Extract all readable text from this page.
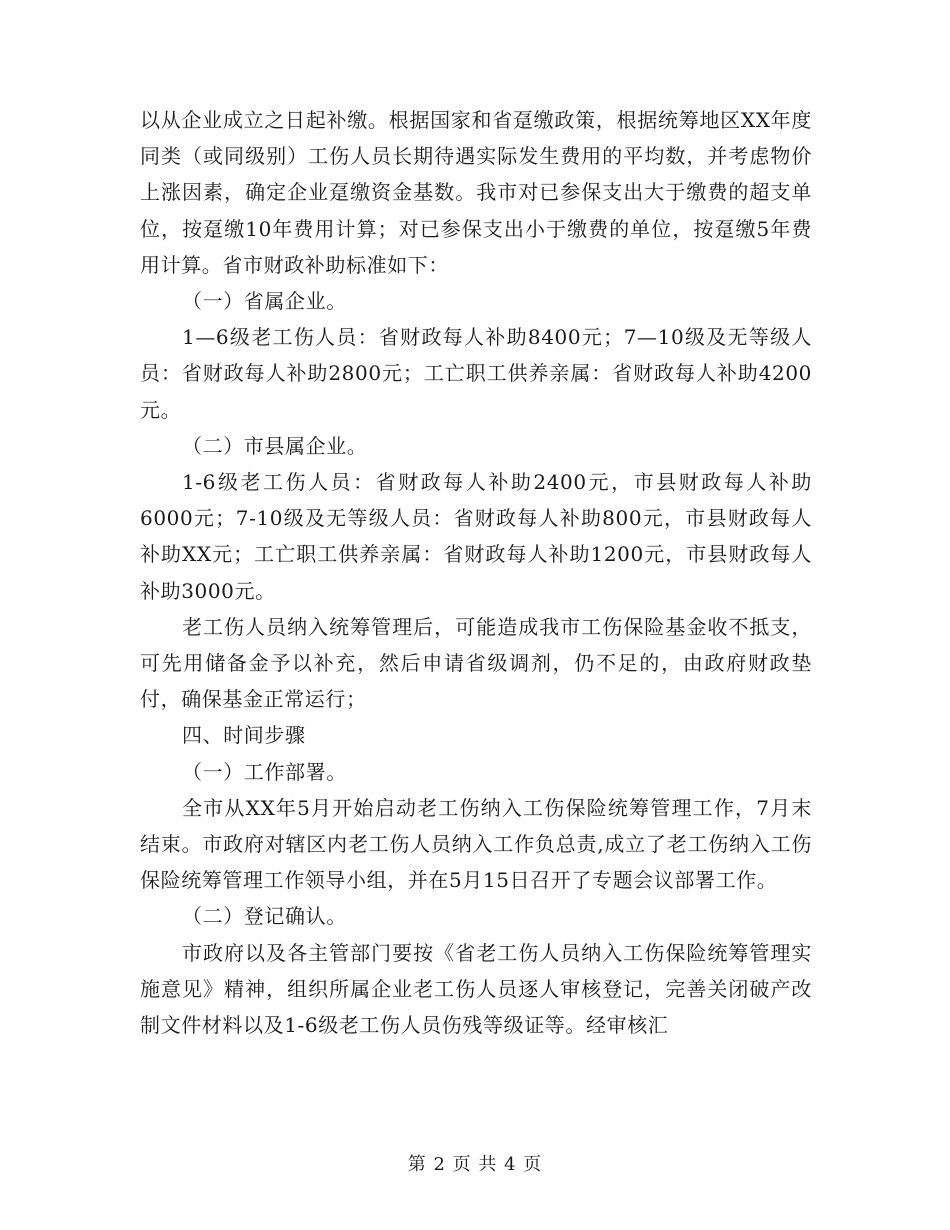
以从企业成立之日起补缴。根据国家和省趸缴政策，根据统筹地区XX年度同类（或同级别）工伤人员长期待遇实际发生费用的平均数，并考虑物价上涨因素，确定企业趸缴资金基数。我市对已参保支出大于缴费的超支单位，按趸缴10年费用计算；对已参保支出小于缴费的单位，按趸缴5年费用计算。省市财政补助标准如下：

（一）省属企业。

1—6级老工伤人员：省财政每人补助8400元；7—10级及无等级人员：省财政每人补助2800元；工亡职工供养亲属：省财政每人补助4200元。

（二）市县属企业。

1-6级老工伤人员：省财政每人补助2400元，市县财政每人补助6000元；7-10级及无等级人员：省财政每人补助800元，市县财政每人补助XX元；工亡职工供养亲属：省财政每人补助1200元，市县财政每人补助3000元。

老工伤人员纳入统筹管理后，可能造成我市工伤保险基金收不抵支，可先用储备金予以补充，然后申请省级调剂，仍不足的，由政府财政垫付，确保基金正常运行；

四、时间步骤

（一）工作部署。

全市从XX年5月开始启动老工伤纳入工伤保险统筹管理工作，7月末结束。市政府对辖区内老工伤人员纳入工作负总责,成立了老工伤纳入工伤保险统筹管理工作领导小组，并在5月15日召开了专题会议部署工作。

（二）登记确认。

市政府以及各主管部门要按《省老工伤人员纳入工伤保险统筹管理实施意见》精神，组织所属企业老工伤人员逐人审核登记，完善关闭破产改制文件材料以及1-6级老工伤人员伤残等级证等。经审核汇

第 2 页 共 4 页
